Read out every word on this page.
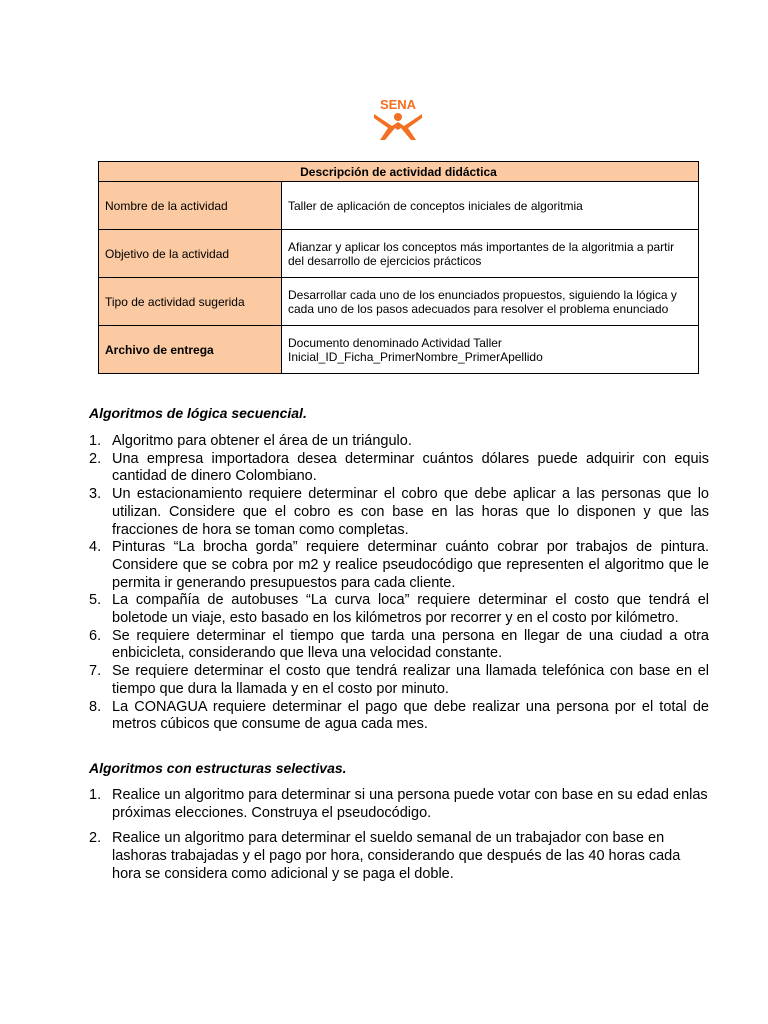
SENA
Descripción de actividad didáctica	
Nombre de la actividad	Taller de aplicación de conceptos iniciales de algoritmia
Objetivo de la actividad	Afianzar y aplicar los conceptos más importantes de la algoritmia a partir del desarrollo de ejercicios prácticos
Tipo de actividad sugerida	Desarrollar cada uno de los enunciados propuestos, siguiendo la lógica y cada uno de los pasos adecuados para resolver el problema enunciado
Archivo de entrega	Documento denominado Actividad Taller Inicial_ID_Ficha_PrimerNombre_PrimerApellido
Algoritmos de lógica secuencial.
1. Algoritmo para obtener el área de un triángulo.
2. Una empresa importadora desea determinar cuántos dólares puede adquirir con equis cantidad de dinero Colombiano.
3. Un estacionamiento requiere determinar el cobro que debe aplicar a las personas que lo utilizan. Considere que el cobro es con base en las horas que lo disponen y que las fracciones de hora se toman como completas.
4. Pinturas “La brocha gorda” requiere determinar cuánto cobrar por trabajos de pintura. Considere que se cobra por m2 y realice pseudocódigo que representen el algoritmo que le permita ir generando presupuestos para cada cliente.
5. La compañía de autobuses “La curva loca” requiere determinar el costo que tendrá el boletode un viaje, esto basado en los kilómetros por recorrer y en el costo por kilómetro.
6. Se requiere determinar el tiempo que tarda una persona en llegar de una ciudad a otra enbicicleta, considerando que lleva una velocidad constante.
7. Se requiere determinar el costo que tendrá realizar una llamada telefónica con base en el tiempo que dura la llamada y en el costo por minuto.
8. La CONAGUA requiere determinar el pago que debe realizar una persona por el total de metros cúbicos que consume de agua cada mes.
Algoritmos con estructuras selectivas.
1. Realice un algoritmo para determinar si una persona puede votar con base en su edad enlas próximas elecciones. Construya el pseudocódigo.
2. Realice un algoritmo para determinar el sueldo semanal de un trabajador con base en lashoras trabajadas y el pago por hora, considerando que después de las 40 horas cada hora se considera como adicional y se paga el doble.
